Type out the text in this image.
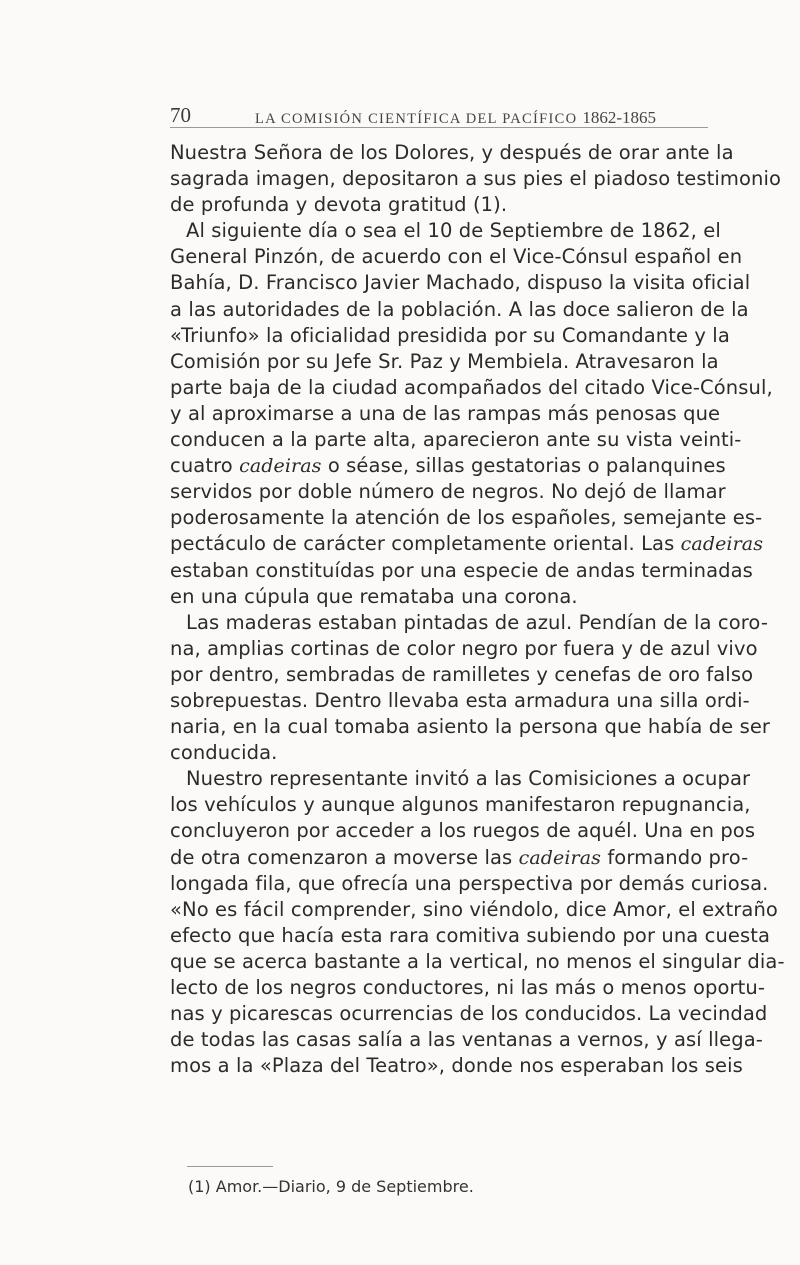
70	LA COMISIÓN CIENTÍFICA DEL PACÍFICO 1862-1865
Nuestra Señora de los Dolores, y después de orar ante la
sagrada imagen, depositaron a sus pies el piadoso testimonio
de profunda y devota gratitud (1).
Al siguiente día o sea el 10 de Septiembre de 1862, el
General Pinzón, de acuerdo con el Vice-Cónsul español en
Bahía, D. Francisco Javier Machado, dispuso la visita oficial
a las autoridades de la población. A las doce salieron de la
«Triunfo» la oficialidad presidida por su Comandante y la
Comisión por su Jefe Sr. Paz y Membiela. Atravesaron la
parte baja de la ciudad acompañados del citado Vice-Cónsul,
y al aproximarse a una de las rampas más penosas que
conducen a la parte alta, aparecieron ante su vista veinti-
cuatro cadeiras o séase, sillas gestatorias o palanquines
servidos por doble número de negros. No dejó de llamar
poderosamente la atención de los españoles, semejante es-
pectáculo de carácter completamente oriental. Las cadeiras
estaban constituídas por una especie de andas terminadas
en una cúpula que remataba una corona.
Las maderas estaban pintadas de azul. Pendían de la coro-
na, amplias cortinas de color negro por fuera y de azul vivo
por dentro, sembradas de ramilletes y cenefas de oro falso
sobrepuestas. Dentro llevaba esta armadura una silla ordi-
naria, en la cual tomaba asiento la persona que había de ser
conducida.
Nuestro representante invitó a las Comisiciones a ocupar
los vehículos y aunque algunos manifestaron repugnancia,
concluyeron por acceder a los ruegos de aquél. Una en pos
de otra comenzaron a moverse las cadeiras formando pro-
longada fila, que ofrecía una perspectiva por demás curiosa.
«No es fácil comprender, sino viéndolo, dice Amor, el extraño
efecto que hacía esta rara comitiva subiendo por una cuesta
que se acerca bastante a la vertical, no menos el singular dia-
lecto de los negros conductores, ni las más o menos oportu-
nas y picarescas ocurrencias de los conducidos. La vecindad
de todas las casas salía a las ventanas a vernos, y así llega-
mos a la «Plaza del Teatro», donde nos esperaban los seis
(1) Amor.—Diario, 9 de Septiembre.
